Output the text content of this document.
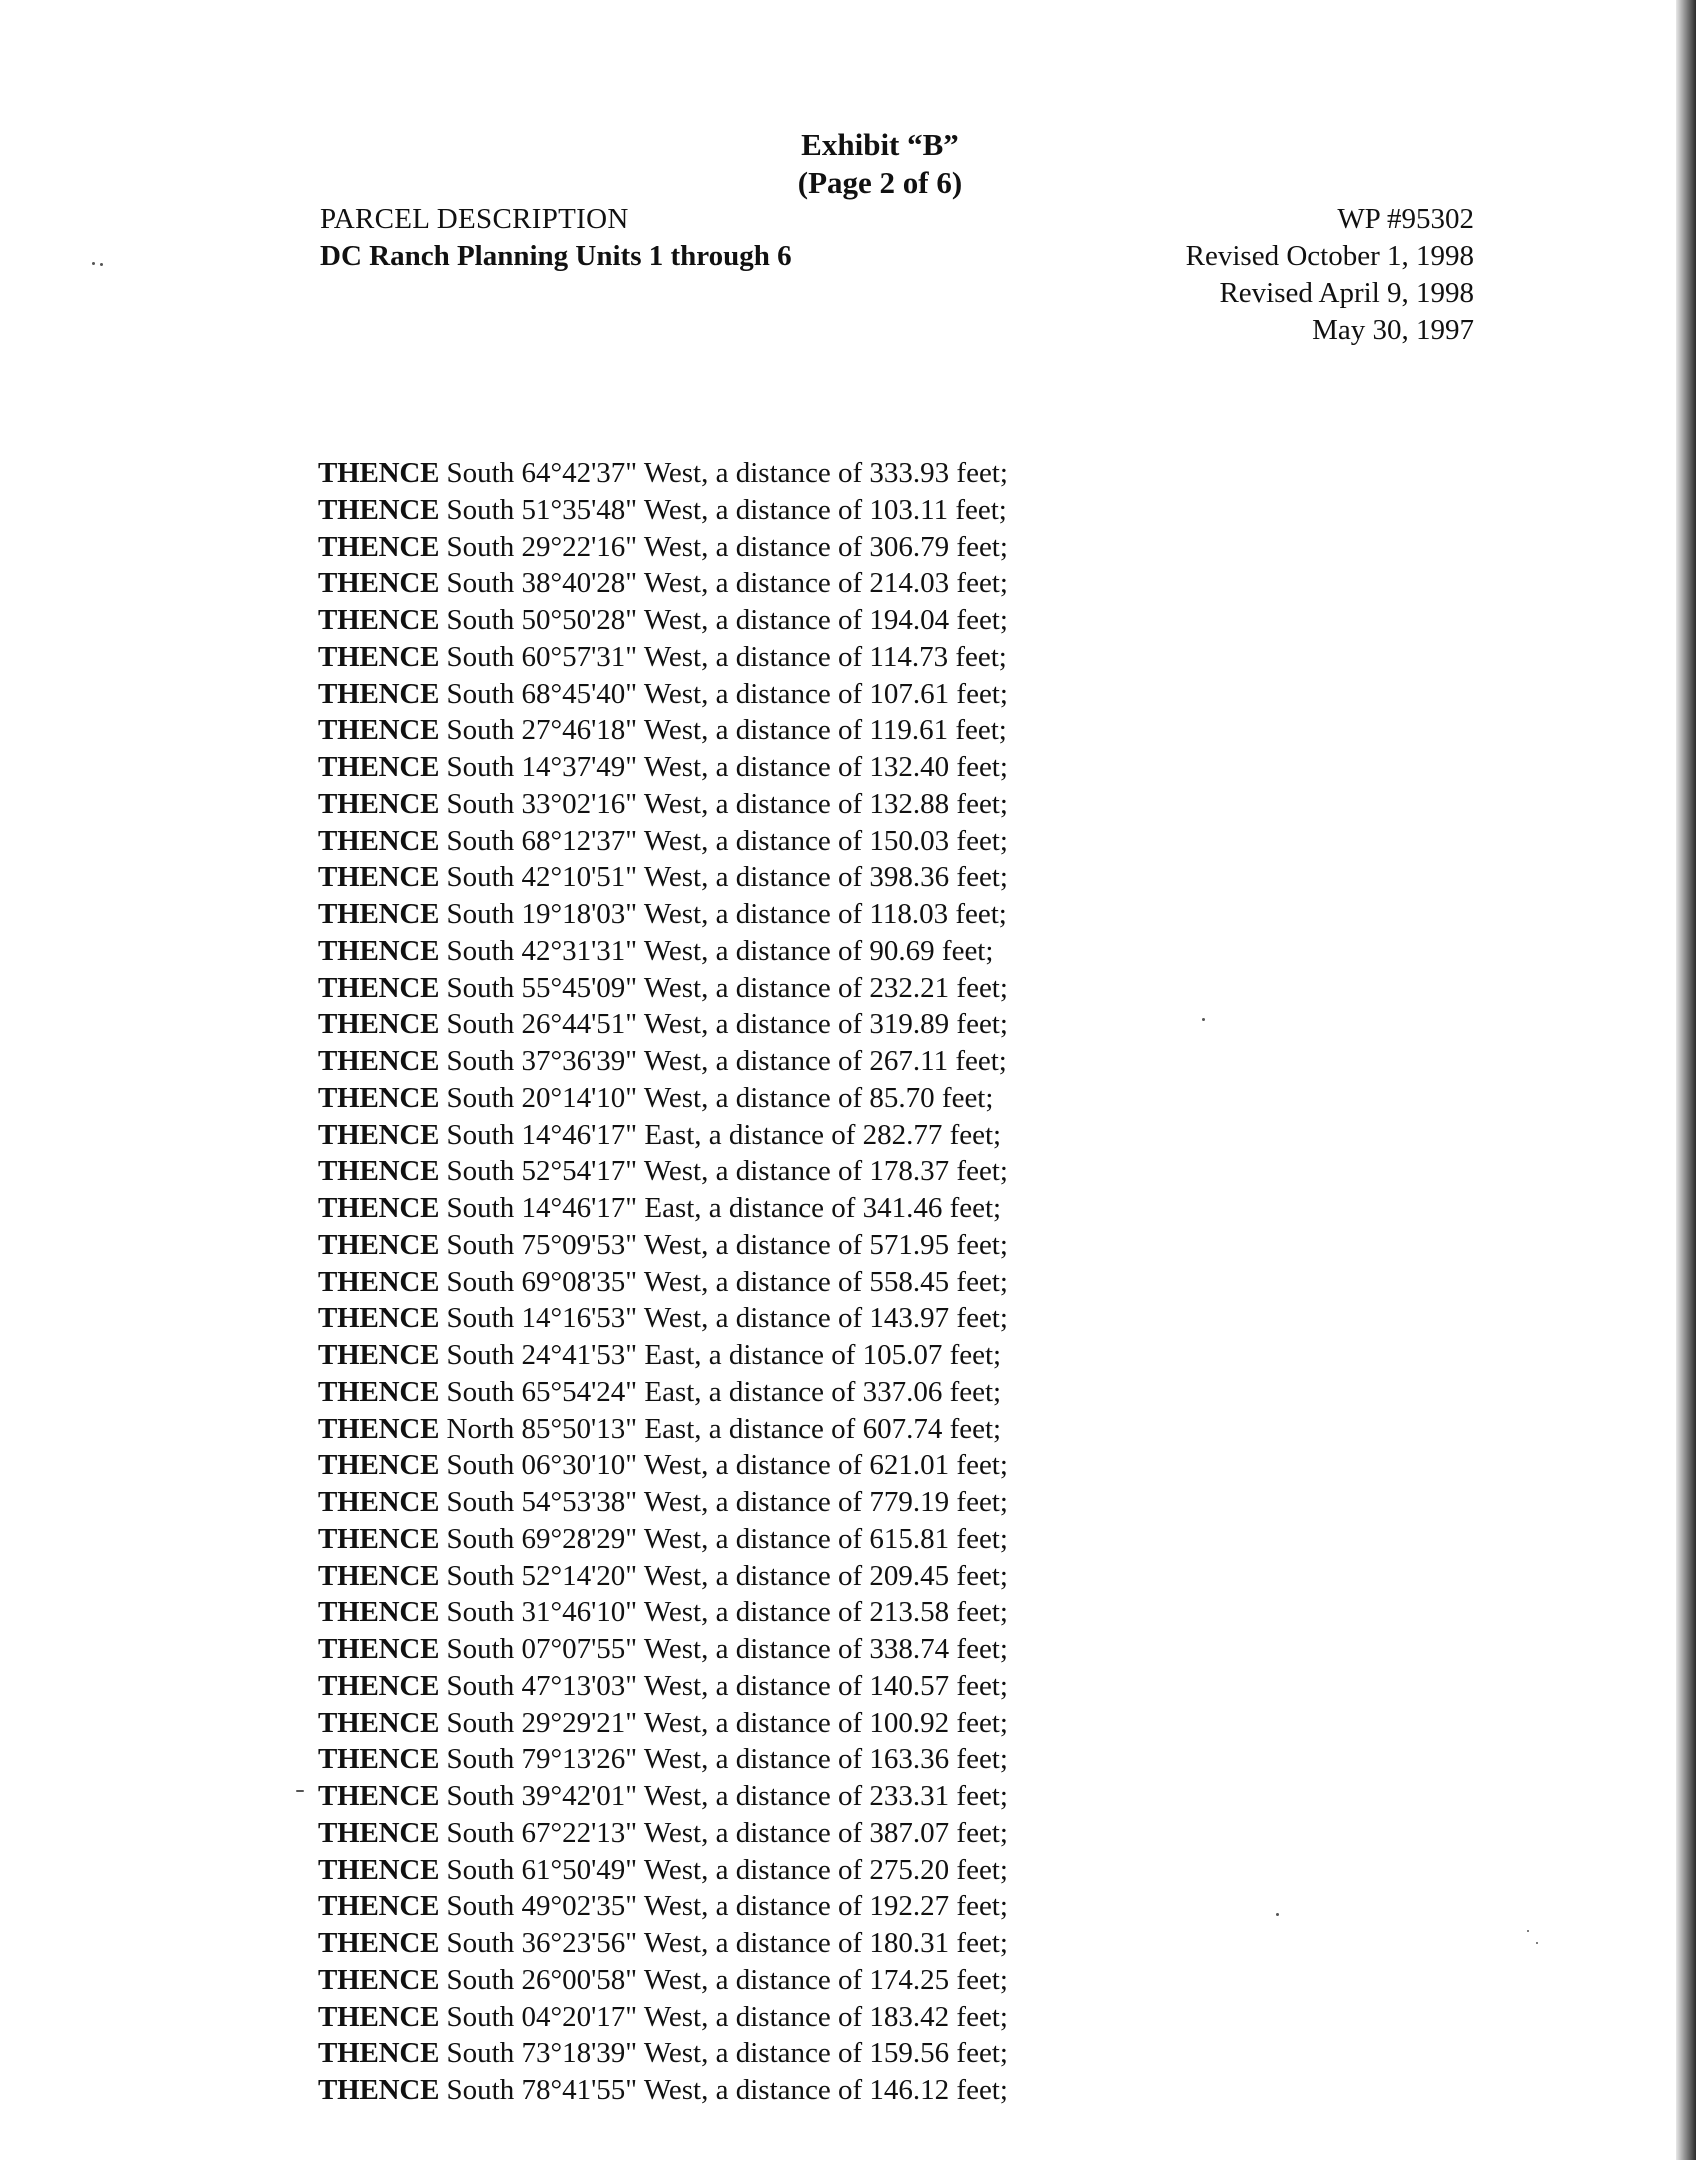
Exhibit “B”
(Page 2 of 6)
PARCEL DESCRIPTION
DC Ranch Planning Units 1 through 6
WP #95302
Revised October 1, 1998
Revised April 9, 1998
May 30, 1997
THENCE South 64°42'37" West, a distance of 333.93 feet;
THENCE South 51°35'48" West, a distance of 103.11 feet;
THENCE South 29°22'16" West, a distance of 306.79 feet;
THENCE South 38°40'28" West, a distance of 214.03 feet;
THENCE South 50°50'28" West, a distance of 194.04 feet;
THENCE South 60°57'31" West, a distance of 114.73 feet;
THENCE South 68°45'40" West, a distance of 107.61 feet;
THENCE South 27°46'18" West, a distance of 119.61 feet;
THENCE South 14°37'49" West, a distance of 132.40 feet;
THENCE South 33°02'16" West, a distance of 132.88 feet;
THENCE South 68°12'37" West, a distance of 150.03 feet;
THENCE South 42°10'51" West, a distance of 398.36 feet;
THENCE South 19°18'03" West, a distance of 118.03 feet;
THENCE South 42°31'31" West, a distance of 90.69 feet;
THENCE South 55°45'09" West, a distance of 232.21 feet;
THENCE South 26°44'51" West, a distance of 319.89 feet;
THENCE South 37°36'39" West, a distance of 267.11 feet;
THENCE South 20°14'10" West, a distance of 85.70 feet;
THENCE South 14°46'17" East, a distance of 282.77 feet;
THENCE South 52°54'17" West, a distance of 178.37 feet;
THENCE South 14°46'17" East, a distance of 341.46 feet;
THENCE South 75°09'53" West, a distance of 571.95 feet;
THENCE South 69°08'35" West, a distance of 558.45 feet;
THENCE South 14°16'53" West, a distance of 143.97 feet;
THENCE South 24°41'53" East, a distance of 105.07 feet;
THENCE South 65°54'24" East, a distance of 337.06 feet;
THENCE North 85°50'13" East, a distance of 607.74 feet;
THENCE South 06°30'10" West, a distance of 621.01 feet;
THENCE South 54°53'38" West, a distance of 779.19 feet;
THENCE South 69°28'29" West, a distance of 615.81 feet;
THENCE South 52°14'20" West, a distance of 209.45 feet;
THENCE South 31°46'10" West, a distance of 213.58 feet;
THENCE South 07°07'55" West, a distance of 338.74 feet;
THENCE South 47°13'03" West, a distance of 140.57 feet;
THENCE South 29°29'21" West, a distance of 100.92 feet;
THENCE South 79°13'26" West, a distance of 163.36 feet;
THENCE South 39°42'01" West, a distance of 233.31 feet;
THENCE South 67°22'13" West, a distance of 387.07 feet;
THENCE South 61°50'49" West, a distance of 275.20 feet;
THENCE South 49°02'35" West, a distance of 192.27 feet;
THENCE South 36°23'56" West, a distance of 180.31 feet;
THENCE South 26°00'58" West, a distance of 174.25 feet;
THENCE South 04°20'17" West, a distance of 183.42 feet;
THENCE South 73°18'39" West, a distance of 159.56 feet;
THENCE South 78°41'55" West, a distance of 146.12 feet;
